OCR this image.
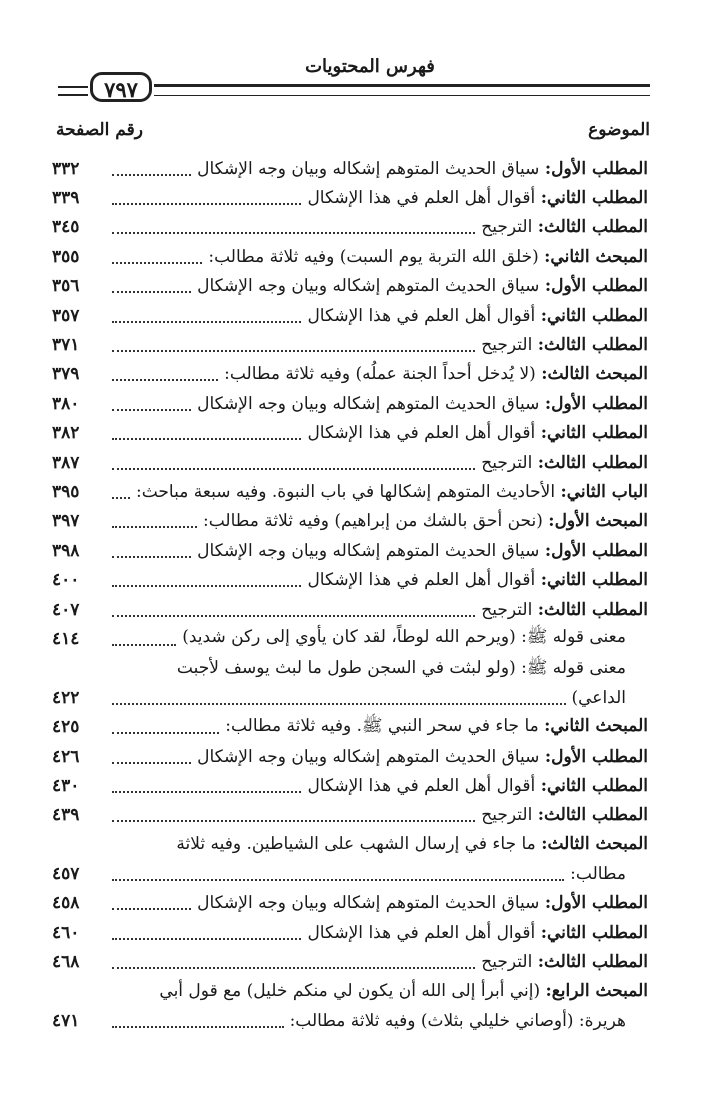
فهرس المحتويات
٧٩٧
الموضوع
رقم الصفحة
المطلب الأول: سياق الحديث المتوهم إشكاله وبيان وجه الإشكال
٣٣٢
المطلب الثاني: أقوال أهل العلم في هذا الإشكال
٣٣٩
المطلب الثالث: الترجيح
٣٤٥
المبحث الثاني: (خلق الله التربة يوم السبت) وفيه ثلاثة مطالب:
٣٥٥
المطلب الأول: سياق الحديث المتوهم إشكاله وبيان وجه الإشكال
٣٥٦
المطلب الثاني: أقوال أهل العلم في هذا الإشكال
٣٥٧
المطلب الثالث: الترجيح
٣٧١
المبحث الثالث: (لا يُدخل أحداً الجنة عملُه) وفيه ثلاثة مطالب:
٣٧٩
المطلب الأول: سياق الحديث المتوهم إشكاله وبيان وجه الإشكال
٣٨٠
المطلب الثاني: أقوال أهل العلم في هذا الإشكال
٣٨٢
المطلب الثالث: الترجيح
٣٨٧
الباب الثاني: الأحاديث المتوهم إشكالها في باب النبوة. وفيه سبعة مباحث:
٣٩٥
المبحث الأول: (نحن أحق بالشك من إبراهيم) وفيه ثلاثة مطالب:
٣٩٧
المطلب الأول: سياق الحديث المتوهم إشكاله وبيان وجه الإشكال
٣٩٨
المطلب الثاني: أقوال أهل العلم في هذا الإشكال
٤٠٠
المطلب الثالث: الترجيح
٤٠٧
معنى قوله ﷺ: (ويرحم الله لوطاً، لقد كان يأوي إلى ركن شديد)
٤١٤
معنى قوله ﷺ: (ولو لبثت في السجن طول ما لبث يوسف لأجبت
الداعي)
٤٢٢
المبحث الثاني: ما جاء في سحر النبي ﷺ. وفيه ثلاثة مطالب:
٤٢٥
المطلب الأول: سياق الحديث المتوهم إشكاله وبيان وجه الإشكال
٤٢٦
المطلب الثاني: أقوال أهل العلم في هذا الإشكال
٤٣٠
المطلب الثالث: الترجيح
٤٣٩
المبحث الثالث: ما جاء في إرسال الشهب على الشياطين. وفيه ثلاثة
مطالب:
٤٥٧
المطلب الأول: سياق الحديث المتوهم إشكاله وبيان وجه الإشكال
٤٥٨
المطلب الثاني: أقوال أهل العلم في هذا الإشكال
٤٦٠
المطلب الثالث: الترجيح
٤٦٨
المبحث الرابع: (إني أبرأ إلى الله أن يكون لي منكم خليل) مع قول أبي
هريرة: (أوصاني خليلي بثلاث) وفيه ثلاثة مطالب:
٤٧١
